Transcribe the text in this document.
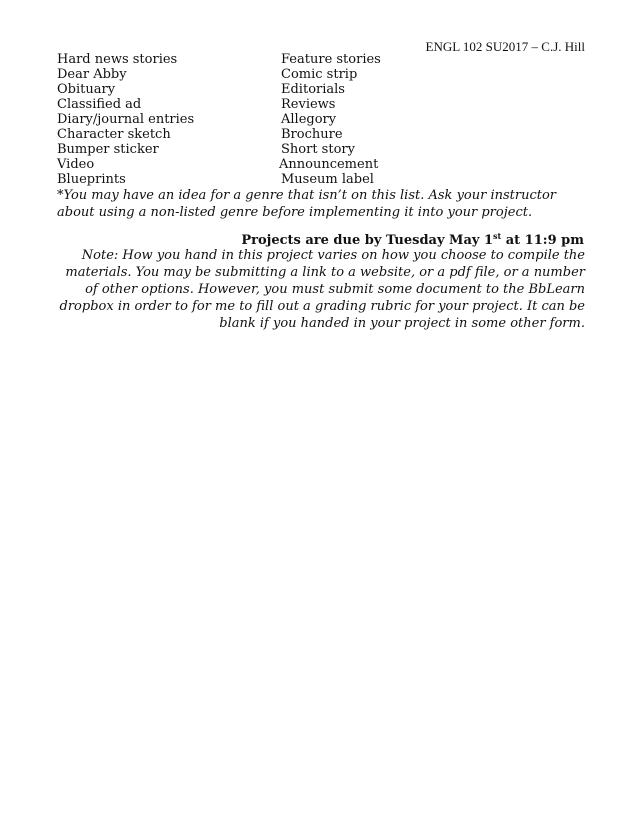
ENGL 102 SU2017 – C.J. Hill
Hard news stories	Feature stories
Dear Abby	Comic strip
Obituary	Editorials
Classified ad	Reviews
Diary/journal entries	Allegory
Character sketch	Brochure
Bumper sticker	Short story
Video	Announcement
Blueprints	Museum label
*You may have an idea for a genre that isn’t on this list. Ask your instructor about using a non-listed genre before implementing it into your project.
Projects are due by Tuesday May 1st at 11:9 pm
Note: How you hand in this project varies on how you choose to compile the materials. You may be submitting a link to a website, or a pdf file, or a number of other options. However, you must submit some document to the BbLearn dropbox in order to for me to fill out a grading rubric for your project. It can be blank if you handed in your project in some other form.
